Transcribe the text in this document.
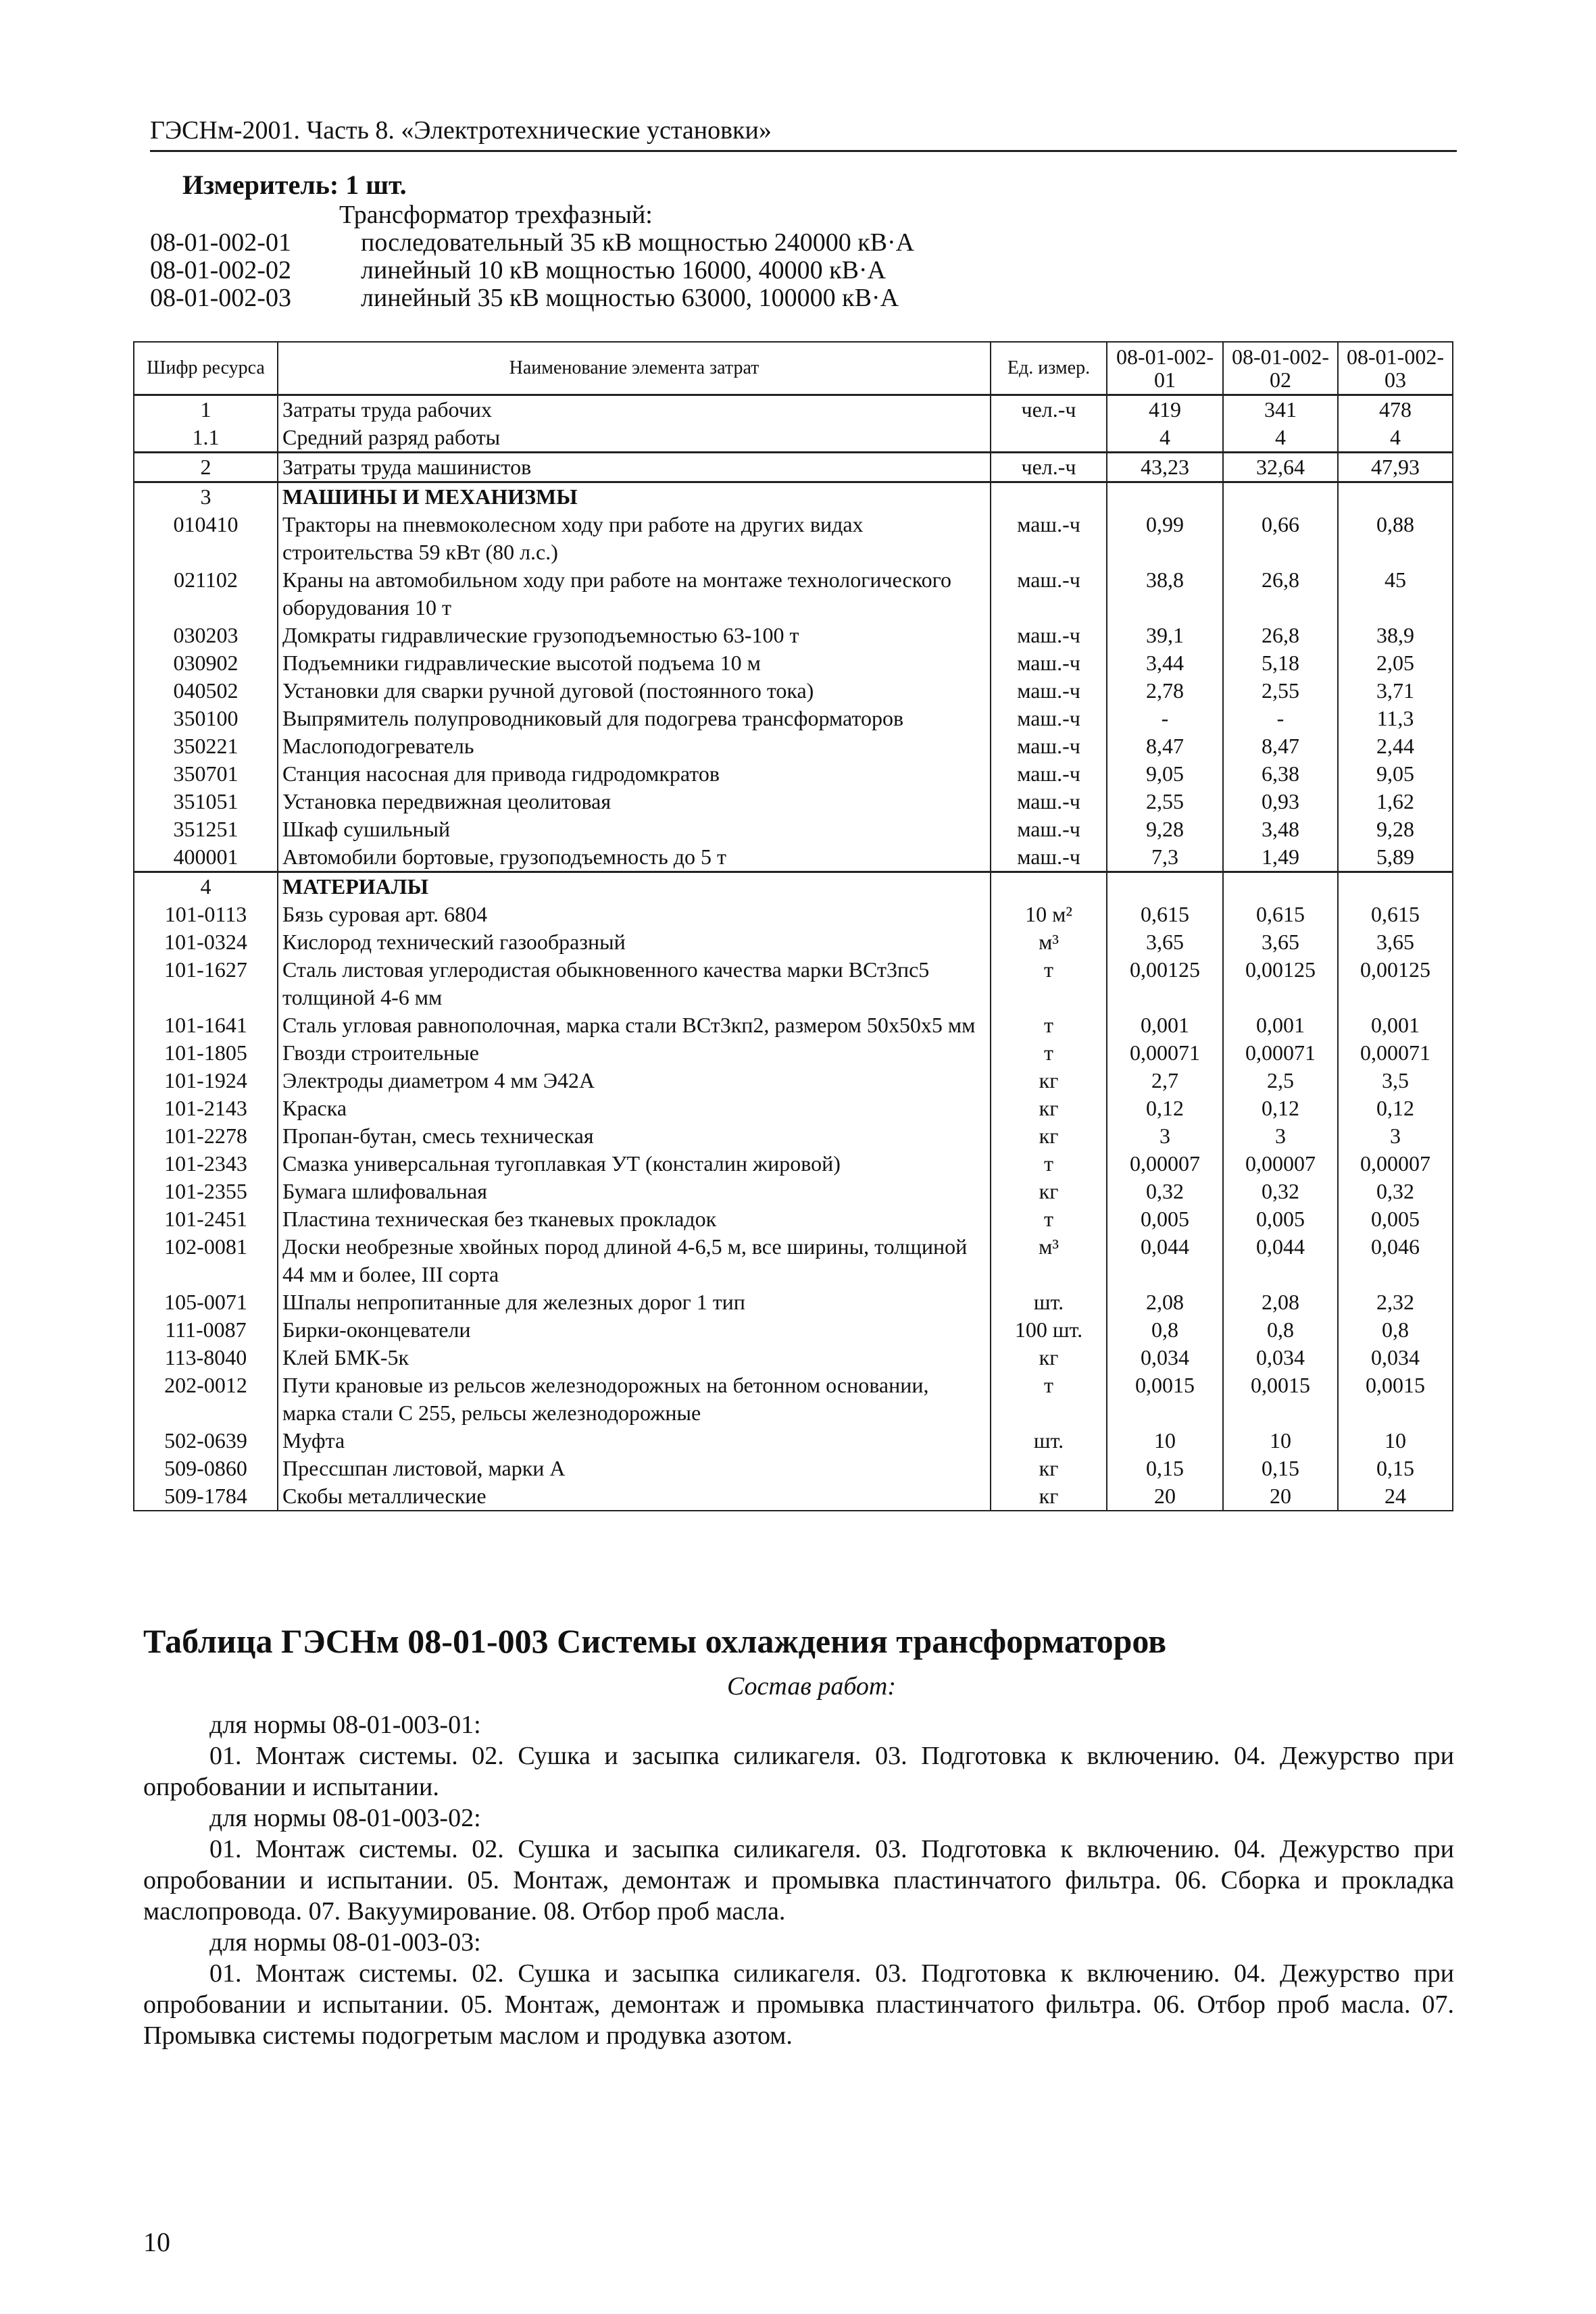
ГЭСНм-2001. Часть 8. «Электротехнические установки»
Измеритель: 1 шт.
Трансформатор трехфазный:
08-01-002-01	последовательный 35 кВ мощностью 240000 кВ·А
08-01-002-02	линейный 10 кВ мощностью 16000, 40000 кВ·А
08-01-002-03	линейный 35 кВ мощностью 63000, 100000 кВ·А
Шифр ресурса	Наименование элемента затрат	Ед. измер.	08-01-002-01	08-01-002-02	08-01-002-03
1	Затраты труда рабочих	чел.-ч	419	341	478
1.1	Средний разряд работы		4	4	4
2	Затраты труда машинистов	чел.-ч	43,23	32,64	47,93
3	МАШИНЫ И МЕХАНИЗМЫ				
010410	Тракторы на пневмоколесном ходу при работе на других видах строительства 59 кВт (80 л.с.)	маш.-ч	0,99	0,66	0,88
021102	Краны на автомобильном ходу при работе на монтаже технологического оборудования 10 т	маш.-ч	38,8	26,8	45
030203	Домкраты гидравлические грузоподъемностью 63-100 т	маш.-ч	39,1	26,8	38,9
030902	Подъемники гидравлические высотой подъема 10 м	маш.-ч	3,44	5,18	2,05
040502	Установки для сварки ручной дуговой (постоянного тока)	маш.-ч	2,78	2,55	3,71
350100	Выпрямитель полупроводниковый для подогрева трансформаторов	маш.-ч	-	-	11,3
350221	Маслоподогреватель	маш.-ч	8,47	8,47	2,44
350701	Станция насосная для привода гидродомкратов	маш.-ч	9,05	6,38	9,05
351051	Установка передвижная цеолитовая	маш.-ч	2,55	0,93	1,62
351251	Шкаф сушильный	маш.-ч	9,28	3,48	9,28
400001	Автомобили бортовые, грузоподъемность до 5 т	маш.-ч	7,3	1,49	5,89
4	МАТЕРИАЛЫ				
101-0113	Бязь суровая арт. 6804	10 м²	0,615	0,615	0,615
101-0324	Кислород технический газообразный	м³	3,65	3,65	3,65
101-1627	Сталь листовая углеродистая обыкновенного качества марки ВСт3пс5 толщиной 4-6 мм	т	0,00125	0,00125	0,00125
101-1641	Сталь угловая равнополочная, марка стали ВСт3кп2, размером 50х50х5 мм	т	0,001	0,001	0,001
101-1805	Гвозди строительные	т	0,00071	0,00071	0,00071
101-1924	Электроды диаметром 4 мм Э42А	кг	2,7	2,5	3,5
101-2143	Краска	кг	0,12	0,12	0,12
101-2278	Пропан-бутан, смесь техническая	кг	3	3	3
101-2343	Смазка универсальная тугоплавкая УТ (консталин жировой)	т	0,00007	0,00007	0,00007
101-2355	Бумага шлифовальная	кг	0,32	0,32	0,32
101-2451	Пластина техническая без тканевых прокладок	т	0,005	0,005	0,005
102-0081	Доски необрезные хвойных пород длиной 4-6,5 м, все ширины, толщиной 44 мм и более, III сорта	м³	0,044	0,044	0,046
105-0071	Шпалы непропитанные для железных дорог 1 тип	шт.	2,08	2,08	2,32
111-0087	Бирки-оконцеватели	100 шт.	0,8	0,8	0,8
113-8040	Клей БМК-5к	кг	0,034	0,034	0,034
202-0012	Пути крановые из рельсов железнодорожных на бетонном основании, марка стали С 255, рельсы железнодорожные	т	0,0015	0,0015	0,0015
502-0639	Муфта	шт.	10	10	10
509-0860	Прессшпан листовой, марки А	кг	0,15	0,15	0,15
509-1784	Скобы металлические	кг	20	20	24
Таблица ГЭСНм 08-01-003 Системы охлаждения трансформаторов
Состав работ:

для нормы 08-01-003-01:

01. Монтаж системы. 02. Сушка и засыпка силикагеля. 03. Подготовка к включению. 04. Дежурство при опробовании и испытании.

для нормы 08-01-003-02:

01. Монтаж системы. 02. Сушка и засыпка силикагеля. 03. Подготовка к включению. 04. Дежурство при опробовании и испытании. 05. Монтаж, демонтаж и промывка пластинчатого фильтра. 06. Сборка и прокладка маслопровода. 07. Вакуумирование. 08. Отбор проб масла.

для нормы 08-01-003-03:

01. Монтаж системы. 02. Сушка и засыпка силикагеля. 03. Подготовка к включению. 04. Дежурство при опробовании и испытании. 05. Монтаж, демонтаж и промывка пластинчатого фильтра. 06. Отбор проб масла. 07. Промывка системы подогретым маслом и продувка азотом.

10
